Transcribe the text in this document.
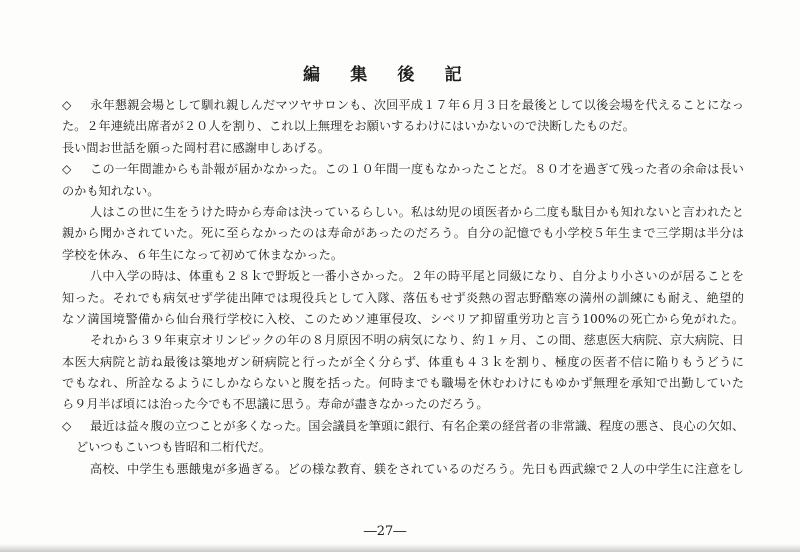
編　集　後　記
◇ 永年懇親会場として馴れ親しんだマツヤサロンも、次回平成１７年６月３日を最後として以後会場を代えることになっ
た。２年連続出席者が２０人を割り、これ以上無理をお願いするわけにはいかないので決断したものだ。
長い間お世話を願った岡村君に感謝申しあげる。
◇ この一年間誰からも訃報が届かなかった。この１０年間一度もなかったことだ。８０才を過ぎて残った者の余命は長い
のかも知れない。
人はこの世に生をうけた時から寿命は決っているらしい。私は幼児の頃医者から二度も駄目かも知れないと言われたと
親から聞かされていた。死に至らなかったのは寿命があったのだろう。自分の記憶でも小学校５年生まで三学期は半分は
学校を休み、６年生になって初めて休まなかった。
八中入学の時は、体重も２８ｋで野坂と一番小さかった。２年の時平尾と同級になり、自分より小さいのが居ることを
知った。それでも病気せず学徒出陣では現役兵として入隊、落伍もせず炎熱の習志野酷寒の満州の訓練にも耐え、絶望的
なソ満国境警備から仙台飛行学校に入校、このためソ連軍侵攻、シベリア抑留重労功と言う100%の死亡から免がれた。
それから３９年東京オリンピックの年の８月原因不明の病気になり、約１ヶ月、この間、慈恵医大病院、京大病院、日
本医大病院と訪ね最後は築地ガン研病院と行ったが全く分らず、体重も４３ｋを割り、極度の医者不信に陥りもうどうに
でもなれ、所詮なるようにしかならないと腹を括った。何時までも職場を休むわけにもゆかず無理を承知で出勤していた
ら９月半ば頃には治った今でも不思議に思う。寿命が盡きなかったのだろう。
◇ 最近は益々腹の立つことが多くなった。国会議員を筆頭に銀行、有名企業の経営者の非常識、程度の悪さ、良心の欠如、
どいつもこいつも皆昭和二桁代だ。
高校、中学生も悪餓鬼が多過ぎる。どの様な教育、躾をされているのだろう。先日も西武線で２人の中学生に注意をし
―27―
